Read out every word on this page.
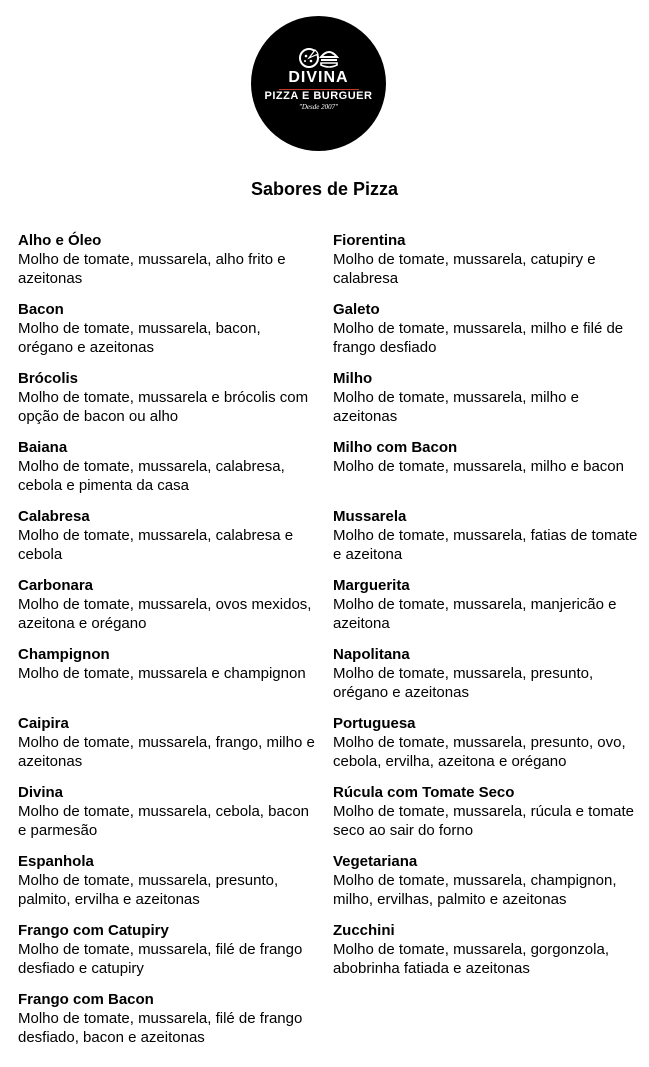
DIVINA
PIZZA E BURGUER
"Desde 2007"
Sabores de Pizza

Alho e Óleo

Molho de tomate, mussarela, alho frito e azeitonas

Bacon

Molho de tomate, mussarela, bacon, orégano e azeitonas

Brócolis

Molho de tomate, mussarela e brócolis com opção de bacon ou alho

Baiana

Molho de tomate, mussarela, calabresa, cebola e pimenta da casa

Calabresa

Molho de tomate, mussarela, calabresa e cebola

Carbonara

Molho de tomate, mussarela, ovos mexidos, azeitona e orégano

Champignon

Molho de tomate, mussarela e champignon

Caipira

Molho de tomate, mussarela, frango, milho e azeitonas

Divina

Molho de tomate, mussarela, cebola, bacon e parmesão

Espanhola

Molho de tomate, mussarela, presunto, palmito, ervilha e azeitonas

Frango com Catupiry

Molho de tomate, mussarela, filé de frango desfiado e catupiry

Frango com Bacon

Molho de tomate, mussarela, filé de frango desfiado, bacon e azeitonas

Fiorentina

Molho de tomate, mussarela, catupiry e calabresa

Galeto

Molho de tomate, mussarela, milho e filé de frango desfiado

Milho

Molho de tomate, mussarela, milho e azeitonas

Milho com Bacon

Molho de tomate, mussarela, milho e bacon

Mussarela

Molho de tomate, mussarela, fatias de tomate e azeitona

Marguerita

Molho de tomate, mussarela, manjericão e azeitona

Napolitana

Molho de tomate, mussarela, presunto, orégano e azeitonas

Portuguesa

Molho de tomate, mussarela, presunto, ovo, cebola, ervilha, azeitona e orégano

Rúcula com Tomate Seco

Molho de tomate, mussarela, rúcula e tomate seco ao sair do forno

Vegetariana

Molho de tomate, mussarela, champignon, milho, ervilhas, palmito e azeitonas

Zucchini

Molho de tomate, mussarela, gorgonzola, abobrinha fatiada e azeitonas
